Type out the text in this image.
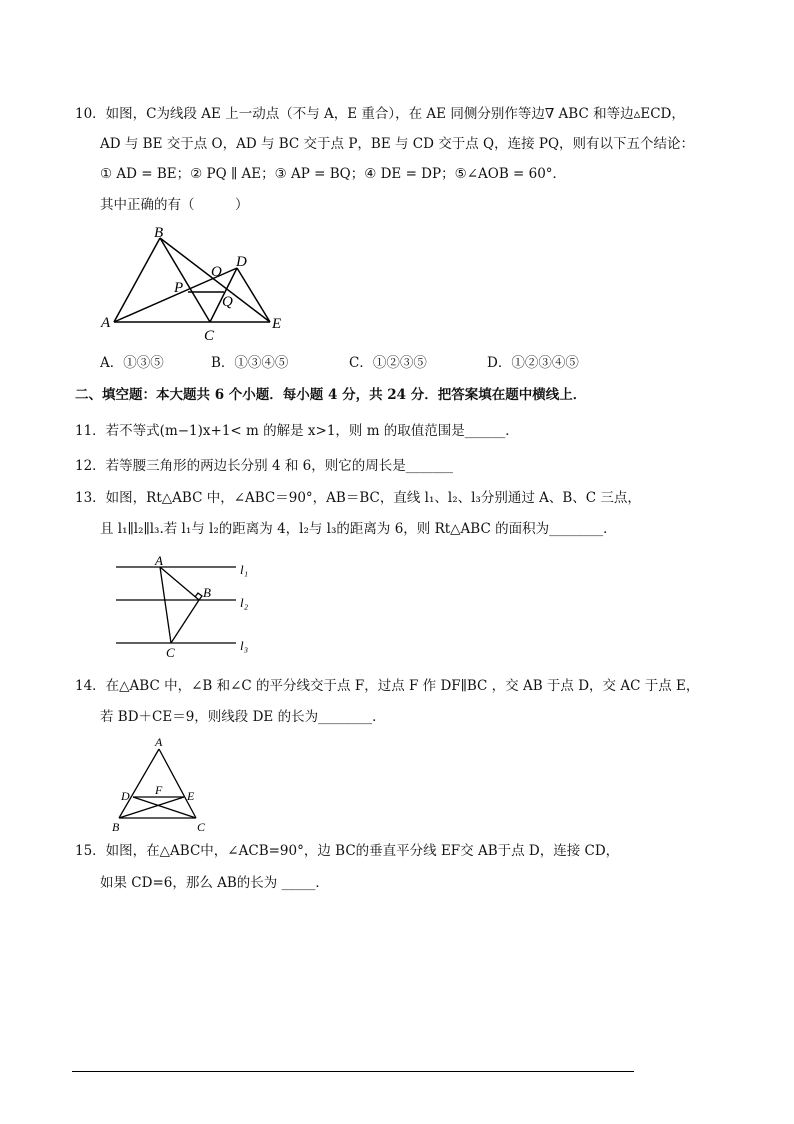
10．如图，C为线段 AE 上一动点（不与 A，E 重合），在 AE 同侧分别作等边∇ ABC 和等边▵ECD，
AD 与 BE 交于点 O，AD 与 BC 交于点 P，BE 与 CD 交于点 Q，连接 PQ，则有以下五个结论：
① AD = BE；② PQ ∥ AE；③ AP = BQ；④ DE = DP；⑤∠AOB = 60°．
其中正确的有（　　　）
A
B
C
D
E
O
P
Q
A．①③⑤	B．①③④⑤	C．①②③⑤	D．①②③④⑤
二、填空题：本大题共 6 个小题．每小题 4 分，共 24 分．把答案填在题中横线上．
11．若不等式(m−1)x+1< m 的解是 x>1，则 m 的取值范围是______．
12．若等腰三角形的两边长分别 4 和 6，则它的周长是_______
13．如图，Rt△ABC 中，∠ABC＝90°，AB＝BC，直线 l₁、l₂、l₃分别通过 A、B、C 三点，
且 l₁∥l₂∥l₃.若 l₁与 l₂的距离为 4，l₂与 l₃的距离为 6，则 Rt△ABC 的面积为________．
A
B
C
l₁
l₂
l₃
14．在△ABC 中，∠B 和∠C 的平分线交于点 F，过点 F 作 DF∥BC ，交 AB 于点 D，交 AC 于点 E，
若 BD＋CE＝9，则线段 DE 的长为________．
A
D F E
B	C
15．如图，在△ABC中，∠ACB=90°，边 BC的垂直平分线 EF交 AB于点 D，连接 CD，
如果 CD=6，那么 AB的长为 _____．
